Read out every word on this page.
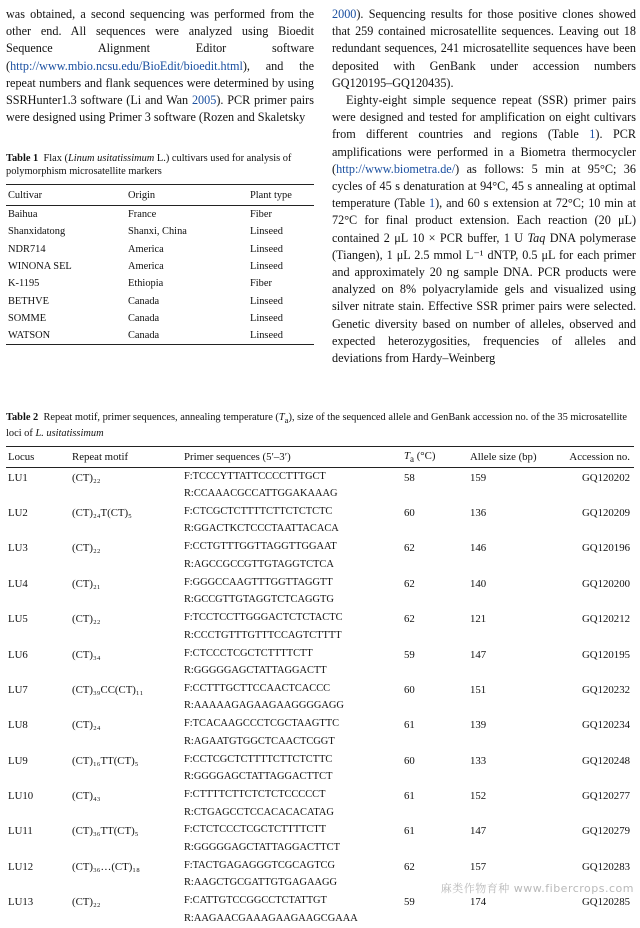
was obtained, a second sequencing was performed from the other end. All sequences were analyzed using Bioedit Sequence Alignment Editor software (http://www.mbio.ncsu.edu/BioEdit/bioedit.html), and the repeat numbers and flank sequences were determined by using SSRHunter1.3 software (Li and Wan 2005). PCR primer pairs were designed using Primer 3 software (Rozen and Skaletsky

2000). Sequencing results for those positive clones showed that 259 contained microsatellite sequences. Leaving out 18 redundant sequences, 241 microsatellite sequences have been deposited with GenBank under accession numbers GQ120195–GQ120435).

Eighty-eight simple sequence repeat (SSR) primer pairs were designed and tested for amplification on eight cultivars from different countries and regions (Table 1). PCR amplifications were performed in a Biometra thermocycler (http://www.biometra.de/) as follows: 5 min at 95°C; 36 cycles of 45 s denaturation at 94°C, 45 s annealing at optimal temperature (Table 1), and 60 s extension at 72°C; 10 min at 72°C for final product extension. Each reaction (20 μL) contained 2 μL 10 × PCR buffer, 1 U Taq DNA polymerase (Tiangen), 1 μL 2.5 mmol L⁻¹ dNTP, 0.5 μL for each primer and approximately 20 ng sample DNA. PCR products were analyzed on 8% polyacrylamide gels and visualized using silver nitrate stain. Effective SSR primer pairs were selected. Genetic diversity based on number of alleles, observed and expected heterozygosities, frequencies of alleles and deviations from Hardy–Weinberg

Table 1 Flax (Linum usitatissimum L.) cultivars used for analysis of polymorphism microsatellite markers

Cultivar	Origin	Plant type
Baihua	France	Fiber
Shanxidatong	Shanxi, China	Linseed
NDR714	America	Linseed
WINONA SEL	America	Linseed
K-1195	Ethiopia	Fiber
BETHVE	Canada	Linseed
SOMME	Canada	Linseed
WATSON	Canada	Linseed

Table 2 Repeat motif, primer sequences, annealing temperature $(T_a)$, size of the sequenced allele and GenBank accession no. of the 35 microsatellite loci of L. usitatissimum

Locus	Repeat motif	Primer sequences (5′–3′)	$T_a$ (°C)	Allele size (bp)	Accession no.
LU1	(CT)₂₂	F:TCCCYTTATTCCCCTTTGCT
R:CCAAACGCCATTGGAKAAAG	58	159	GQ120202
LU2	(CT)₂₄T(CT)₅	F:CTCGCTCTTTTCTTCTCTCTC
R:GGACTKCTCCCTAATTACACA	60	136	GQ120209
LU3	(CT)₂₂	F:CCTGTTTGGTTAGGTTGGAAT
R:AGCCGCCGTTGTAGGTCTCA	62	146	GQ120196
LU4	(CT)₂₁	F:GGGCCAAGTTTGGTTAGGTT
R:GCCGTTGTAGGTCTCAGGTG	62	140	GQ120200
LU5	(CT)₂₂	F:TCCTCCTTGGGACTCTCTACTC
R:CCCTGTTTGTTTCCAGTCTTTT	62	121	GQ120212
LU6	(CT)₃₄	F:CTCCCTCGCTCTTTTCTT
R:GGGGGAGCTATTAGGACTT	59	147	GQ120195
LU7	(CT)₃₉CC(CT)₁₁	F:CCTTTGCTTCCAACTCACCC
R:AAAAAGAGAAGAAGGGGAGG	60	151	GQ120232
LU8	(CT)₂₄	F:TCACAAGCCCTCGCTAAGTTC
R:AGAATGTGGCTCAACTCGGT	61	139	GQ120234
LU9	(CT)₁₆TT(CT)₅	F:CCTCGCTCTTTTCTTCTCTTC
R:GGGGAGCTATTAGGACTTCT	60	133	GQ120248
LU10	(CT)₄₃	F:CTTTTCTTCTCTCTCCCCCT
R:CTGAGCCTCCACACACATAG	61	152	GQ120277
LU11	(CT)₃₆TT(CT)₅	F:CTCTCCCTCGCTCTTTTCTT
R:GGGGGAGCTATTAGGACTTCT	61	147	GQ120279
LU12	(CT)₃₆…(CT)₁₈	F:TACTGAGAGGGTCGCAGTCG
R:AAGCTGCGATTGTGAGAAGG	62	157	GQ120283
LU13	(CT)₂₂	F:CATTGTCCGGCCTCTATTGT
R:AAGAACGAAAGAAGAAGCGAAA	59	174	GQ120285
麻类作物育种 www.fibercrops.com
